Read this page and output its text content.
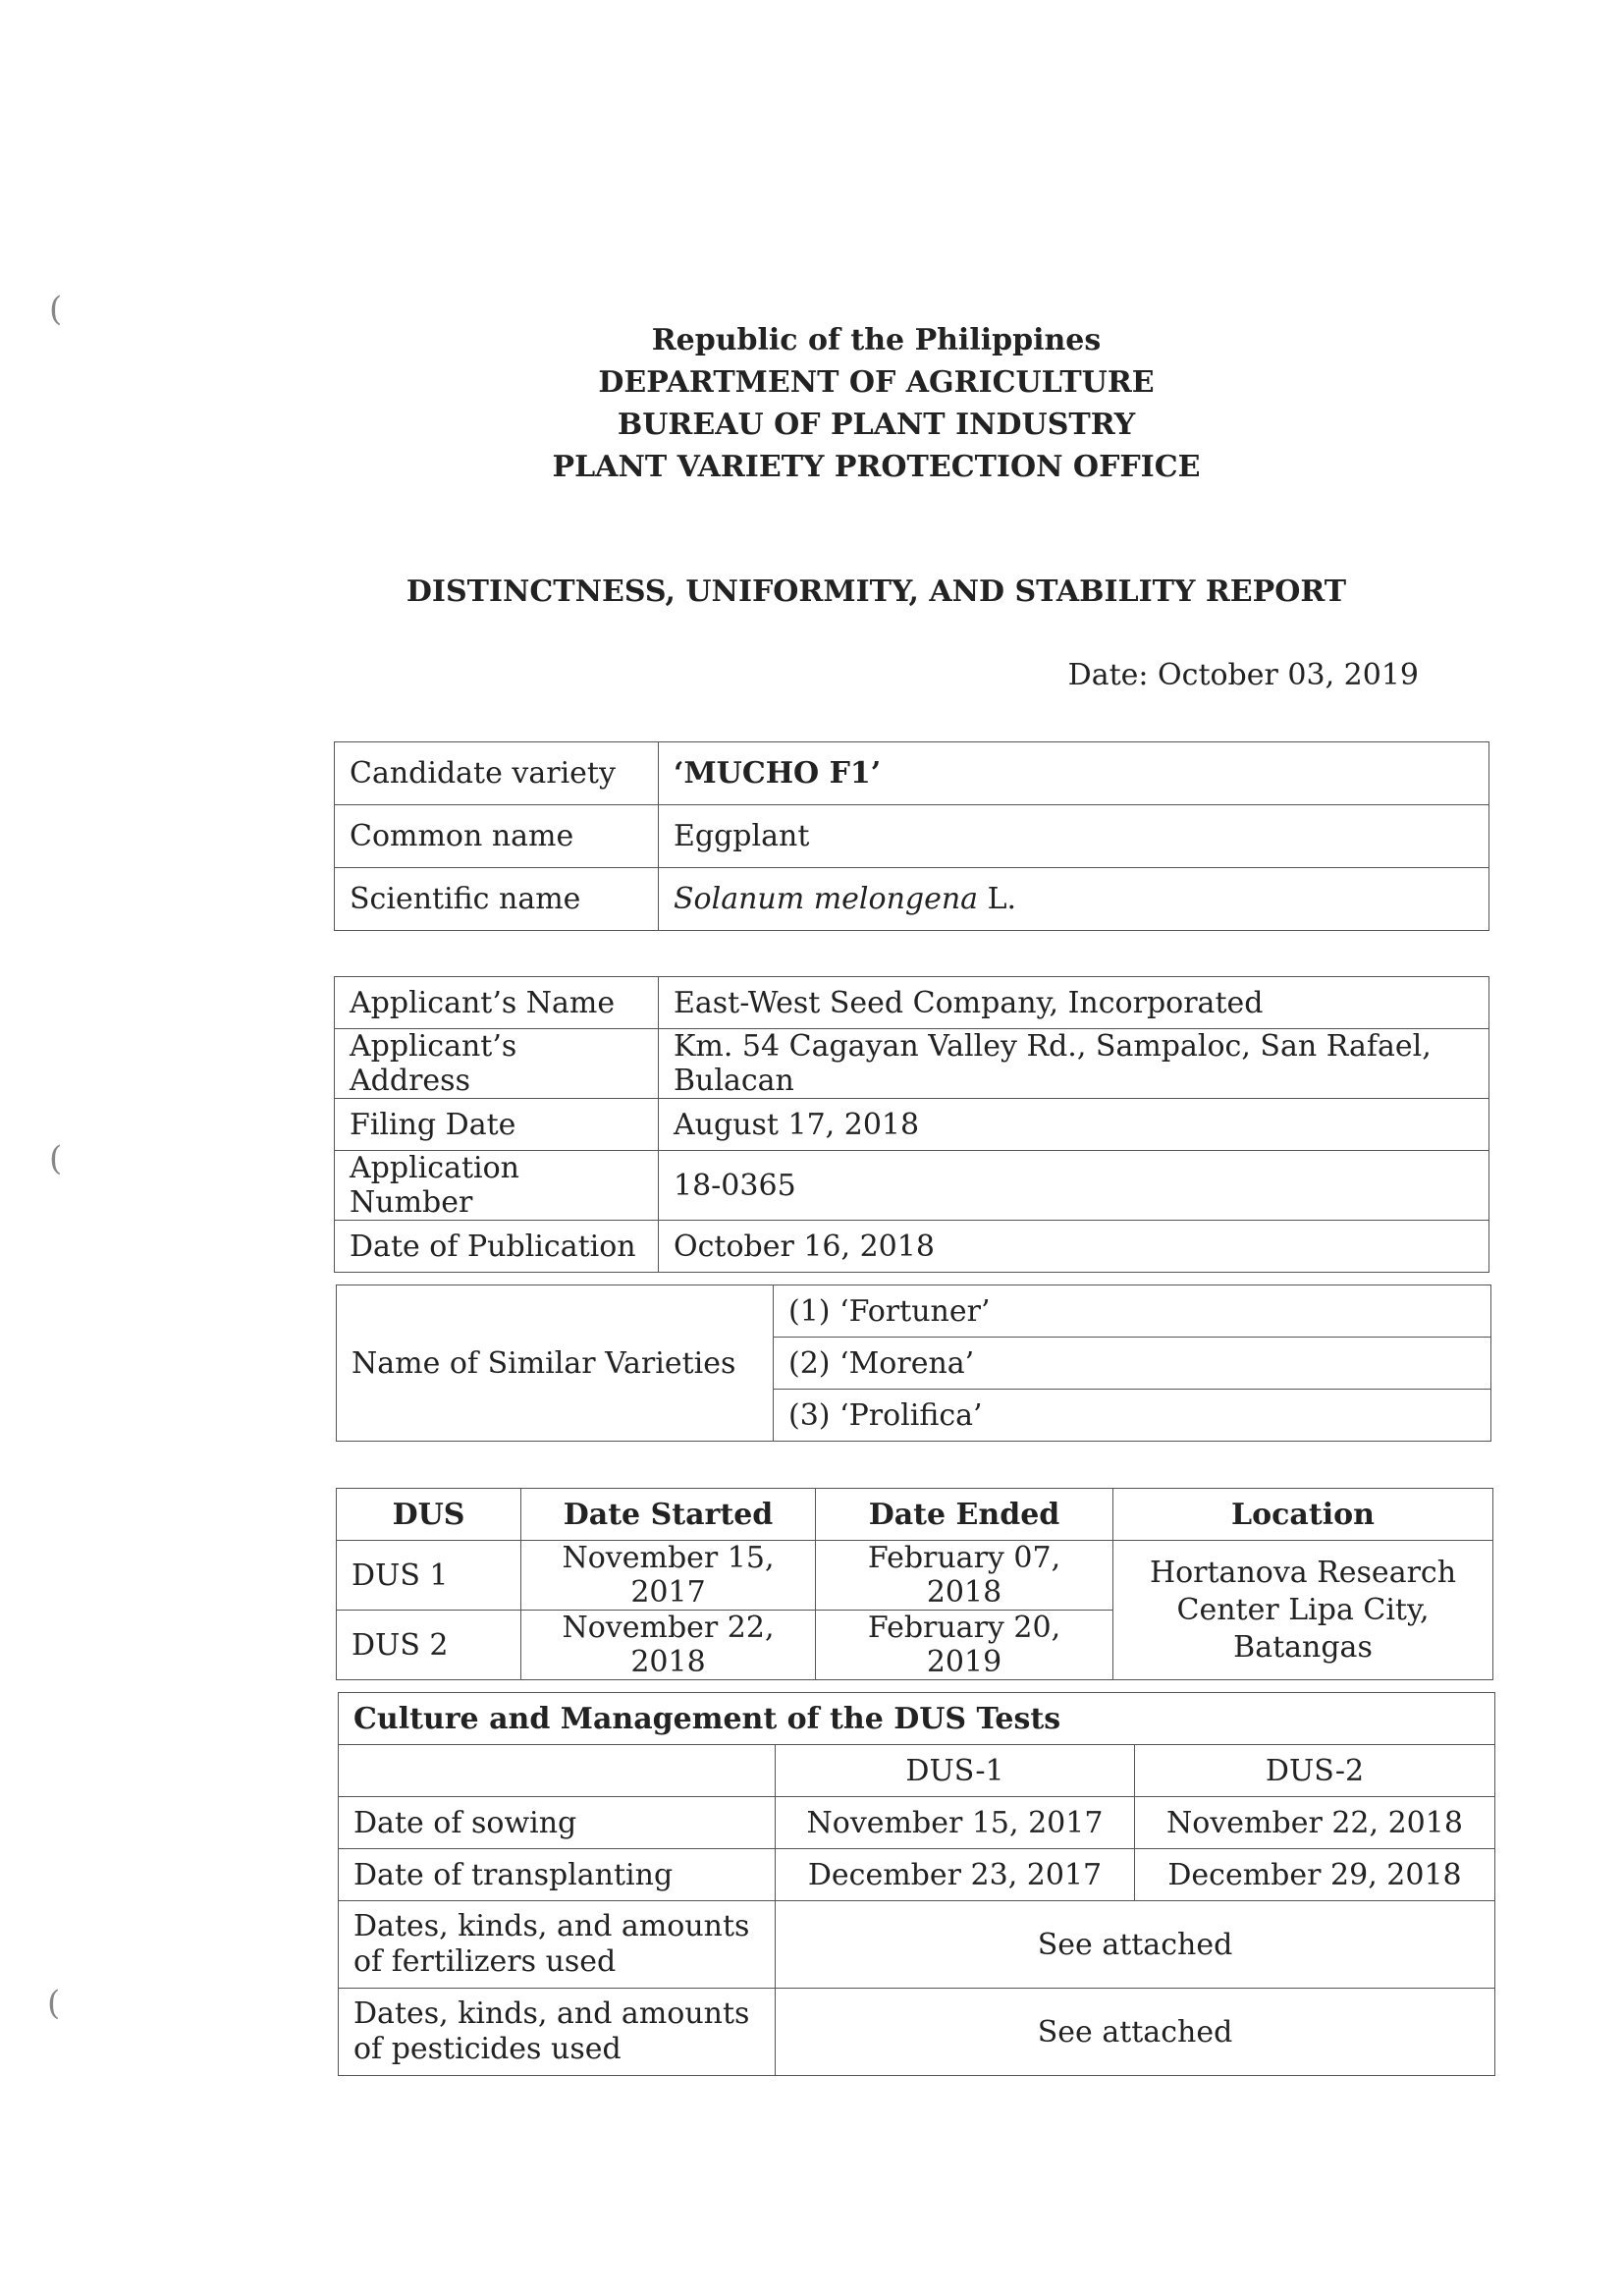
Republic of the Philippines
DEPARTMENT OF AGRICULTURE
BUREAU OF PLANT INDUSTRY
PLANT VARIETY PROTECTION OFFICE
DISTINCTNESS, UNIFORMITY, AND STABILITY REPORT
Date: October 03, 2019
Candidate variety	‘MUCHO F1’
Common name	Eggplant
Scientific name	Solanum melongena L.
Applicant’s Name	East-West Seed Company, Incorporated
Applicant’s Address	Km. 54 Cagayan Valley Rd., Sampaloc, San Rafael, Bulacan
Filing Date	August 17, 2018
Application Number	18-0365
Date of Publication	October 16, 2018
Name of Similar Varieties	(1) ‘Fortuner’
(2) ‘Morena’
(3) ‘Prolifica’
DUS	Date Started	Date Ended	Location
DUS 1	November 15, 2017	February 07, 2018	Hortanova Research Center Lipa City, Batangas
DUS 2	November 22, 2018	February 20, 2019	
Culture and Management of the DUS Tests		
	DUS-1	DUS-2
Date of sowing	November 15, 2017	November 22, 2018
Date of transplanting	December 23, 2017	December 29, 2018
Dates, kinds, and amounts of fertilizers used	See attached	
Dates, kinds, and amounts of pesticides used	See attached	
(
(
(
